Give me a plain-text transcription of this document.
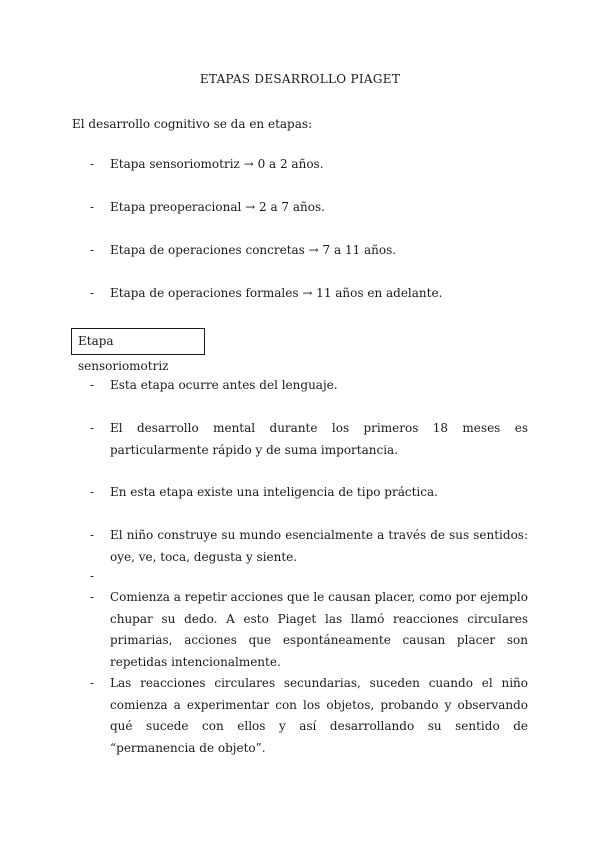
ETAPAS DESARROLLO PIAGET
El desarrollo cognitivo se da en etapas:
- Etapa sensoriomotriz → 0 a 2 años.
- Etapa preoperacional → 2 a 7 años.
- Etapa de operaciones concretas → 7 a 11 años.
- Etapa de operaciones formales → 11 años en adelante.
Etapa sensoriomotriz
- Esta etapa ocurre antes del lenguaje.
- El desarrollo mental durante los primeros 18 meses es particularmente rápido y de suma importancia.
- En esta etapa existe una inteligencia de tipo práctica.
- El niño construye su mundo esencialmente a través de sus sentidos: oye, ve, toca, degusta y siente.
-
- Comienza a repetir acciones que le causan placer, como por ejemplo chupar su dedo. A esto Piaget las llamó reacciones circulares primarias, acciones que espontáneamente causan placer son repetidas intencionalmente.
- Las reacciones circulares secundarias, suceden cuando el niño comienza a experimentar con los objetos, probando y observando qué sucede con ellos y así desarrollando su sentido de “permanencia de objeto”.
